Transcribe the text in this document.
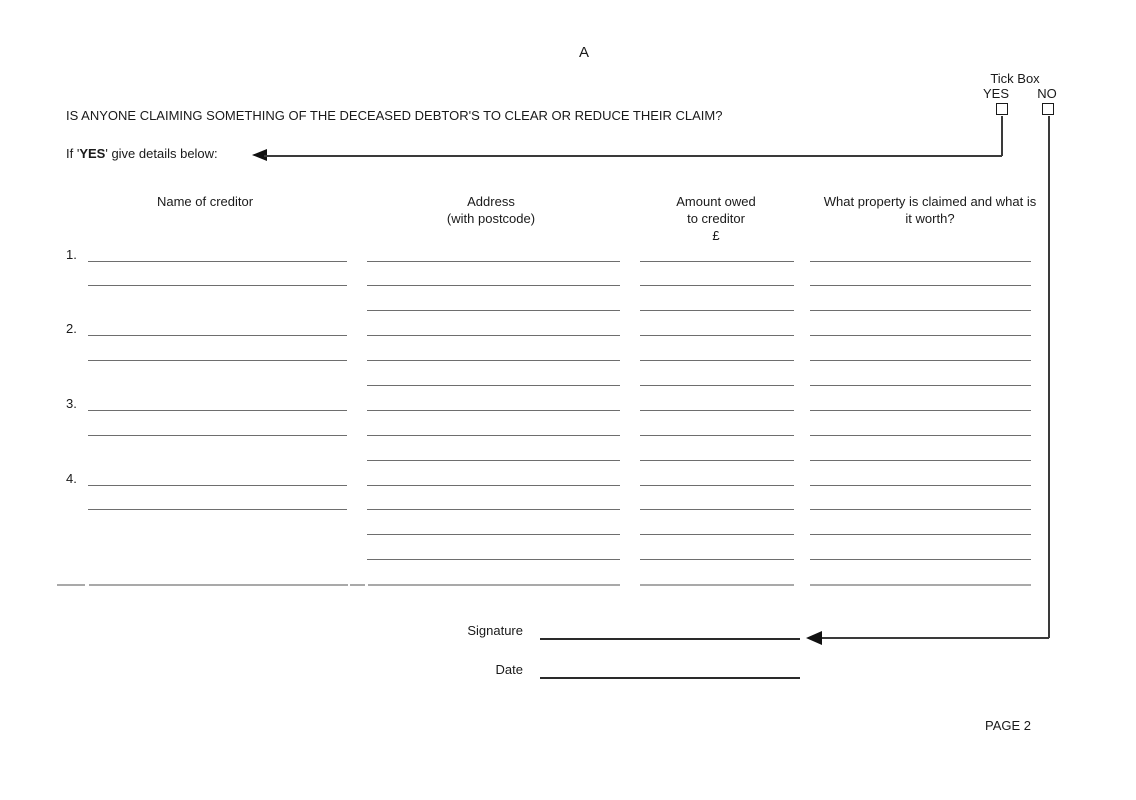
A
IS ANYONE CLAIMING SOMETHING OF THE DECEASED DEBTOR'S TO CLEAR OR REDUCE THEIR CLAIM?
Tick Box
YES	NO
If 'YES' give details below:
Name of creditor	Address
(with postcode)
Amount owed
to creditor
£
What property is claimed and what is
it worth?
1.
2.
3.
4.
Signature
Date
PAGE 2
